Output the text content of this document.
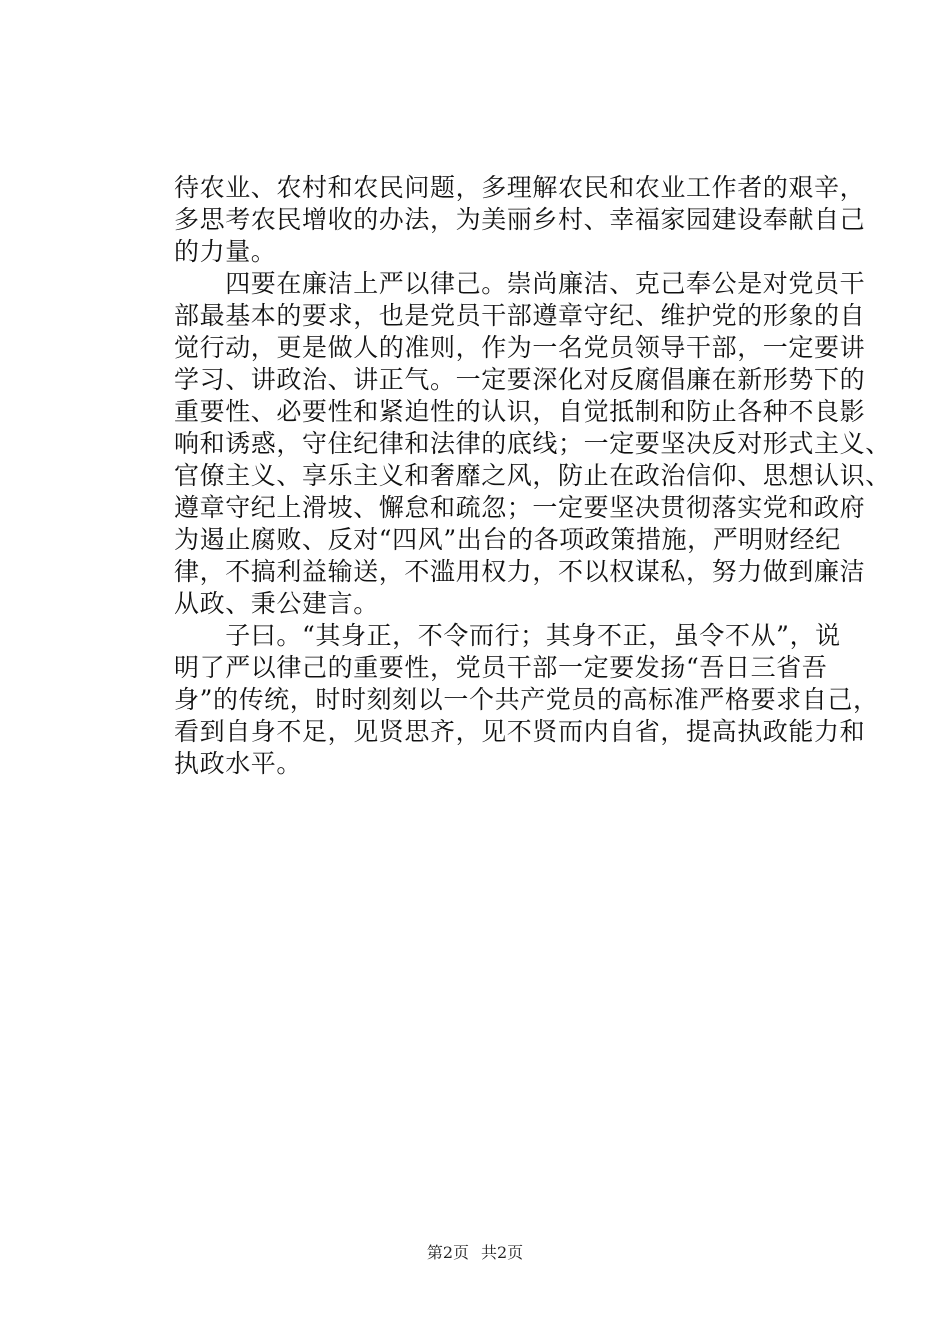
待农业、农村和农民问题，多理解农民和农业工作者的艰辛，
多思考农民增收的办法，为美丽乡村、幸福家园建设奉献自己
的力量。
　　四要在廉洁上严以律己。崇尚廉洁、克己奉公是对党员干
部最基本的要求，也是党员干部遵章守纪、维护党的形象的自
觉行动，更是做人的准则，作为一名党员领导干部，一定要讲
学习、讲政治、讲正气。一定要深化对反腐倡廉在新形势下的
重要性、必要性和紧迫性的认识，自觉抵制和防止各种不良影
响和诱惑，守住纪律和法律的底线；一定要坚决反对形式主义、
官僚主义、享乐主义和奢靡之风，防止在政治信仰、思想认识、
遵章守纪上滑坡、懈怠和疏忽；一定要坚决贯彻落实党和政府
为遏止腐败、反对“四风”出台的各项政策措施，严明财经纪
律，不搞利益输送，不滥用权力，不以权谋私，努力做到廉洁
从政、秉公建言。
　　子曰。“其身正，不令而行；其身不正，虽令不从”，说
明了严以律己的重要性，党员干部一定要发扬“吾日三省吾
身”的传统，时时刻刻以一个共产党员的高标准严格要求自己，
看到自身不足，见贤思齐，见不贤而内自省，提高执政能力和
执政水平。
第2页 共2页
